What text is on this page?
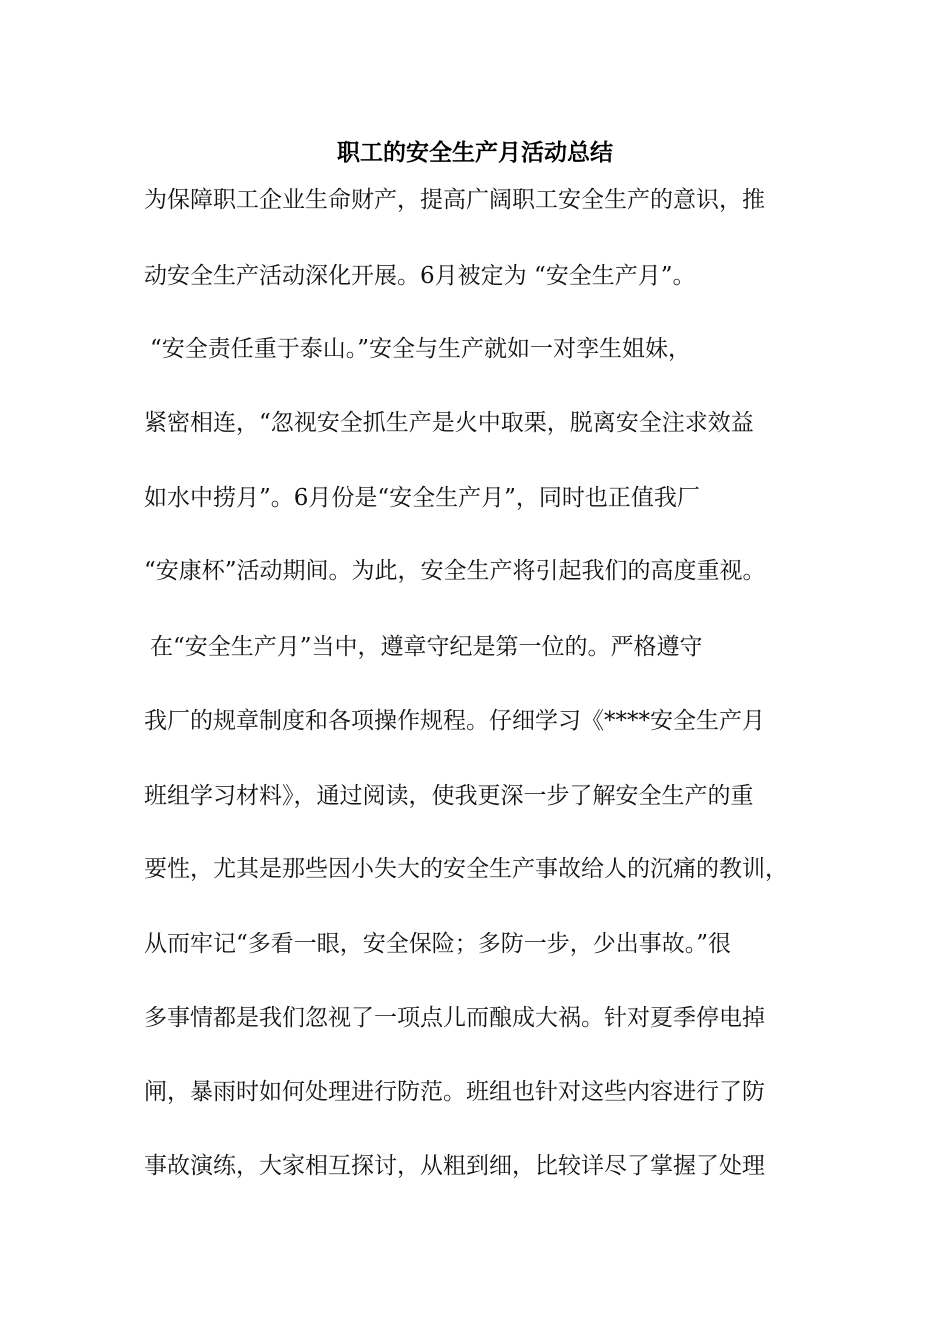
职工的安全生产月活动总结

为保障职工企业生命财产，提高广阔职工安全生产的意识，推

动安全生产活动深化开展。6月被定为 “安全生产月”。

“安全责任重于泰山。”安全与生产就如一对孪生姐妹，

紧密相连，“忽视安全抓生产是火中取栗，脱离安全注求效益

如水中捞月”。6月份是“安全生产月”，同时也正值我厂

“安康杯”活动期间。为此，安全生产将引起我们的高度重视。

在“安全生产月”当中，遵章守纪是第一位的。严格遵守

我厂的规章制度和各项操作规程。仔细学习《****安全生产月

班组学习材料》，通过阅读，使我更深一步了解安全生产的重

要性，尤其是那些因小失大的安全生产事故给人的沉痛的教训，

从而牢记“多看一眼，安全保险；多防一步，少出事故。”很

多事情都是我们忽视了一项点儿而酿成大祸。针对夏季停电掉

闸，暴雨时如何处理进行防范。班组也针对这些内容进行了防

事故演练，大家相互探讨，从粗到细，比较详尽了掌握了处理
